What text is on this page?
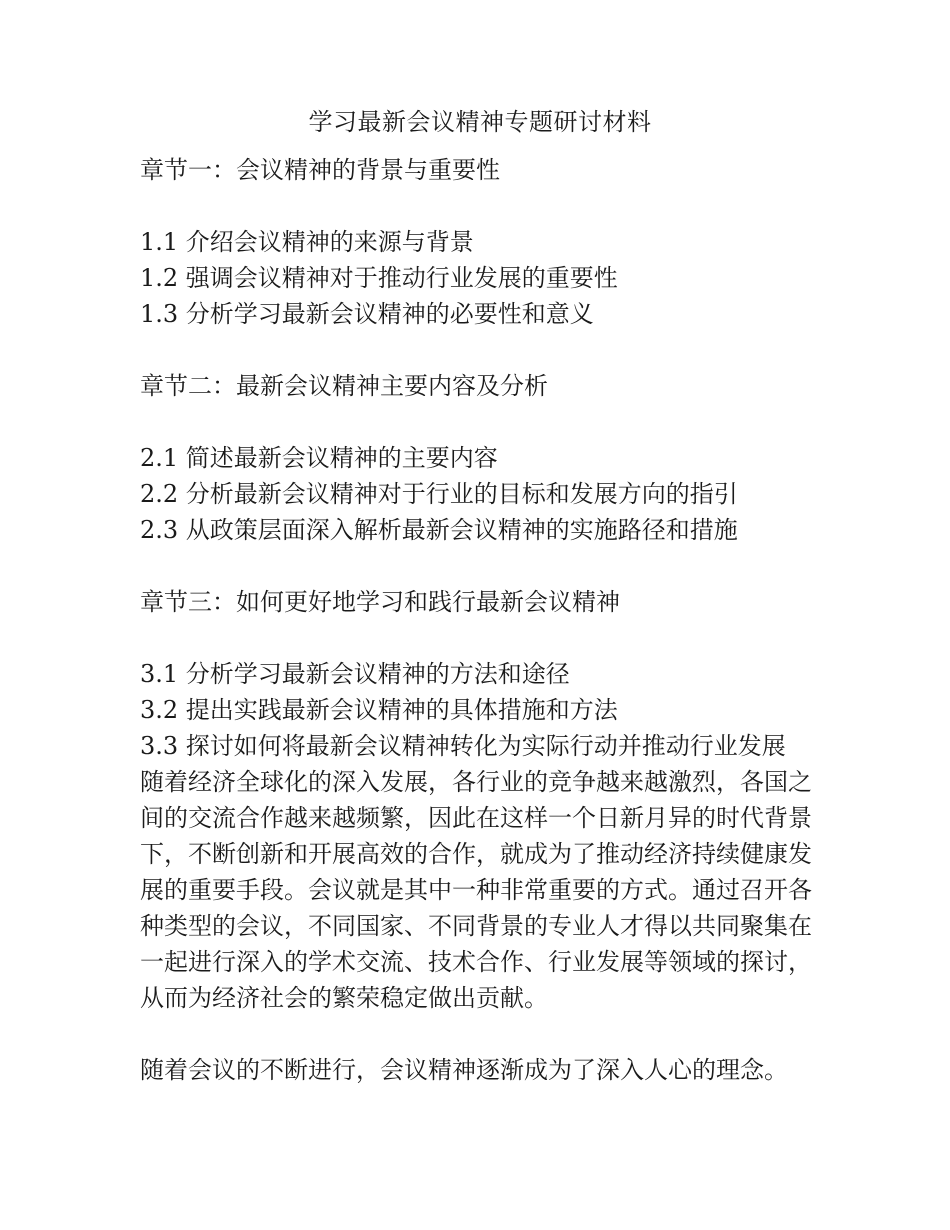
学习最新会议精神专题研讨材料

章节一：会议精神的背景与重要性

1.1 介绍会议精神的来源与背景

1.2 强调会议精神对于推动行业发展的重要性

1.3 分析学习最新会议精神的必要性和意义

章节二：最新会议精神主要内容及分析

2.1 简述最新会议精神的主要内容

2.2 分析最新会议精神对于行业的目标和发展方向的指引

2.3 从政策层面深入解析最新会议精神的实施路径和措施

章节三：如何更好地学习和践行最新会议精神

3.1 分析学习最新会议精神的方法和途径

3.2 提出实践最新会议精神的具体措施和方法

3.3 探讨如何将最新会议精神转化为实际行动并推动行业发展

随着经济全球化的深入发展，各行业的竞争越来越激烈，各国之间的交流合作越来越频繁，因此在这样一个日新月异的时代背景下，不断创新和开展高效的合作，就成为了推动经济持续健康发展的重要手段。会议就是其中一种非常重要的方式。通过召开各种类型的会议，不同国家、不同背景的专业人才得以共同聚集在一起进行深入的学术交流、技术合作、行业发展等领域的探讨，从而为经济社会的繁荣稳定做出贡献。

随着会议的不断进行，会议精神逐渐成为了深入人心的理念。
